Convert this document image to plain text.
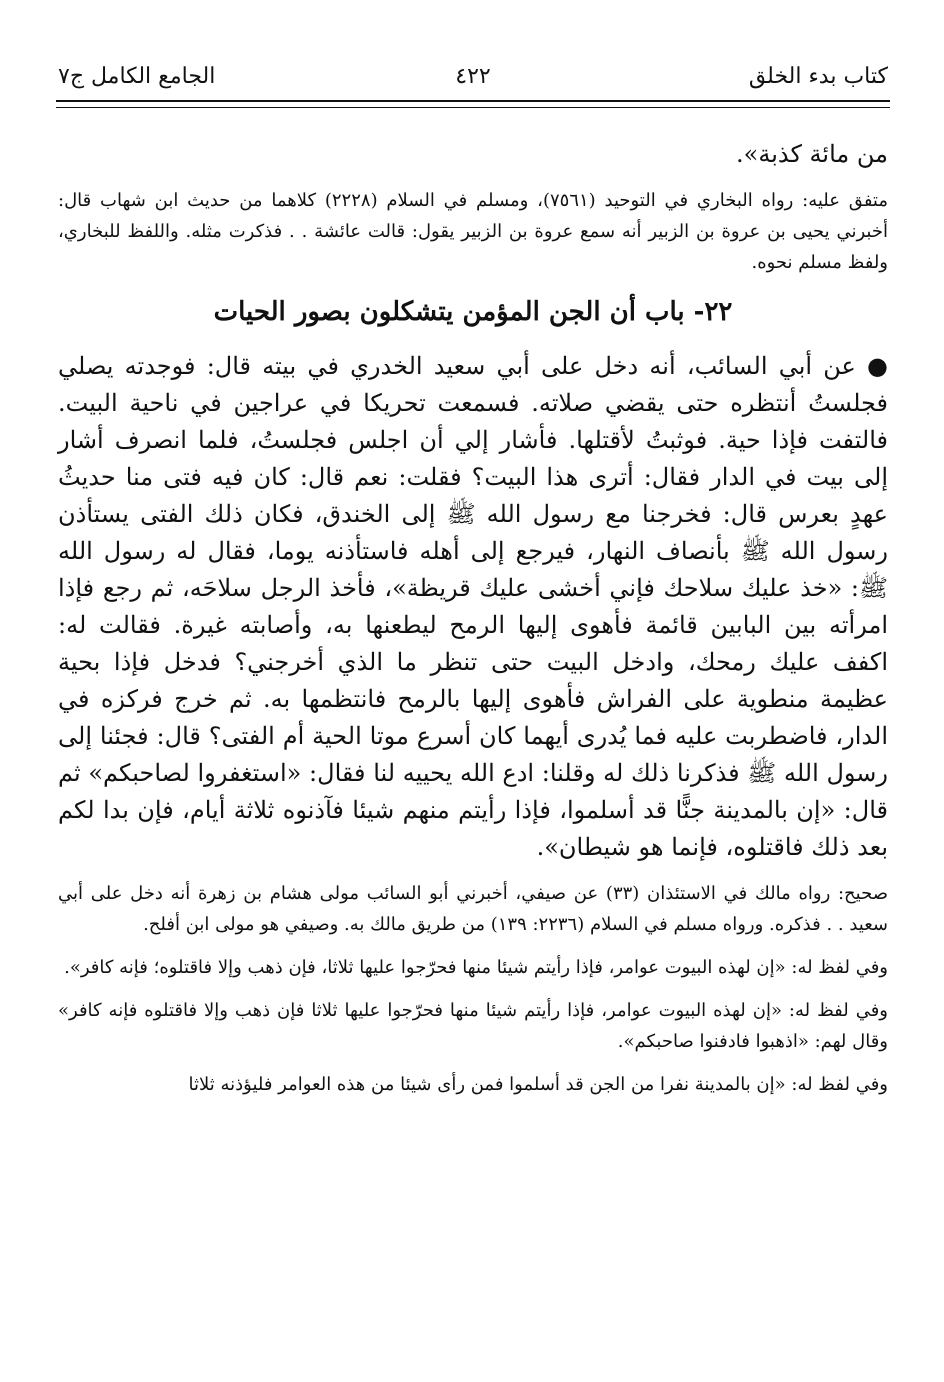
كتاب بدء الخلق
٤٢٢
الجامع الكامل ج٧

من مائة كذبة».

متفق عليه: رواه البخاري في التوحيد (٧٥٦١)، ومسلم في السلام (٢٢٢٨) كلاهما من حديث ابن شهاب قال: أخبرني يحيى بن عروة بن الزبير أنه سمع عروة بن الزبير يقول: قالت عائشة . . فذكرت مثله. واللفظ للبخاري، ولفظ مسلم نحوه.

٢٢- باب أن الجن المؤمن يتشكلون بصور الحيات

● عن أبي السائب، أنه دخل على أبي سعيد الخدري في بيته قال: فوجدته يصلي فجلستُ أنتظره حتى يقضي صلاته. فسمعت تحريكا في عراجين في ناحية البيت. فالتفت فإذا حية. فوثبتُ لأقتلها. فأشار إلي أن اجلس فجلستُ، فلما انصرف أشار إلى بيت في الدار فقال: أترى هذا البيت؟ فقلت: نعم قال: كان فيه فتى منا حديثُ عهدٍ بعرس قال: فخرجنا مع رسول الله ﷺ إلى الخندق، فكان ذلك الفتى يستأذن رسول الله ﷺ بأنصاف النهار، فيرجع إلى أهله فاستأذنه يوما، فقال له رسول الله ﷺ: «خذ عليك سلاحك فإني أخشى عليك قريظة»، فأخذ الرجل سلاحَه، ثم رجع فإذا امرأته بين البابين قائمة فأهوى إليها الرمح ليطعنها به، وأصابته غيرة. فقالت له: اكفف عليك رمحك، وادخل البيت حتى تنظر ما الذي أخرجني؟ فدخل فإذا بحية عظيمة منطوية على الفراش فأهوى إليها بالرمح فانتظمها به. ثم خرج فركزه في الدار، فاضطربت عليه فما يُدرى أيهما كان أسرع موتا الحية أم الفتى؟ قال: فجئنا إلى رسول الله ﷺ فذكرنا ذلك له وقلنا: ادع الله يحييه لنا فقال: «استغفروا لصاحبكم» ثم قال: «إن بالمدينة جنًّا قد أسلموا، فإذا رأيتم منهم شيئا فآذنوه ثلاثة أيام، فإن بدا لكم بعد ذلك فاقتلوه، فإنما هو شيطان».

صحيح: رواه مالك في الاستئذان (٣٣) عن صيفي، أخبرني أبو السائب مولى هشام بن زهرة أنه دخل على أبي سعيد . . فذكره. ورواه مسلم في السلام (٢٢٣٦: ١٣٩) من طريق مالك به. وصيفي هو مولى ابن أفلح.

وفي لفظ له: «إن لهذه البيوت عوامر، فإذا رأيتم شيئا منها فحرّجوا عليها ثلاثا، فإن ذهب وإلا فاقتلوه؛ فإنه كافر».

وفي لفظ له: «إن لهذه البيوت عوامر، فإذا رأيتم شيئا منها فحرّجوا عليها ثلاثا فإن ذهب وإلا فاقتلوه فإنه كافر» وقال لهم: «اذهبوا فادفنوا صاحبكم».

وفي لفظ له: «إن بالمدينة نفرا من الجن قد أسلموا فمن رأى شيئا من هذه العوامر فليؤذنه ثلاثا
